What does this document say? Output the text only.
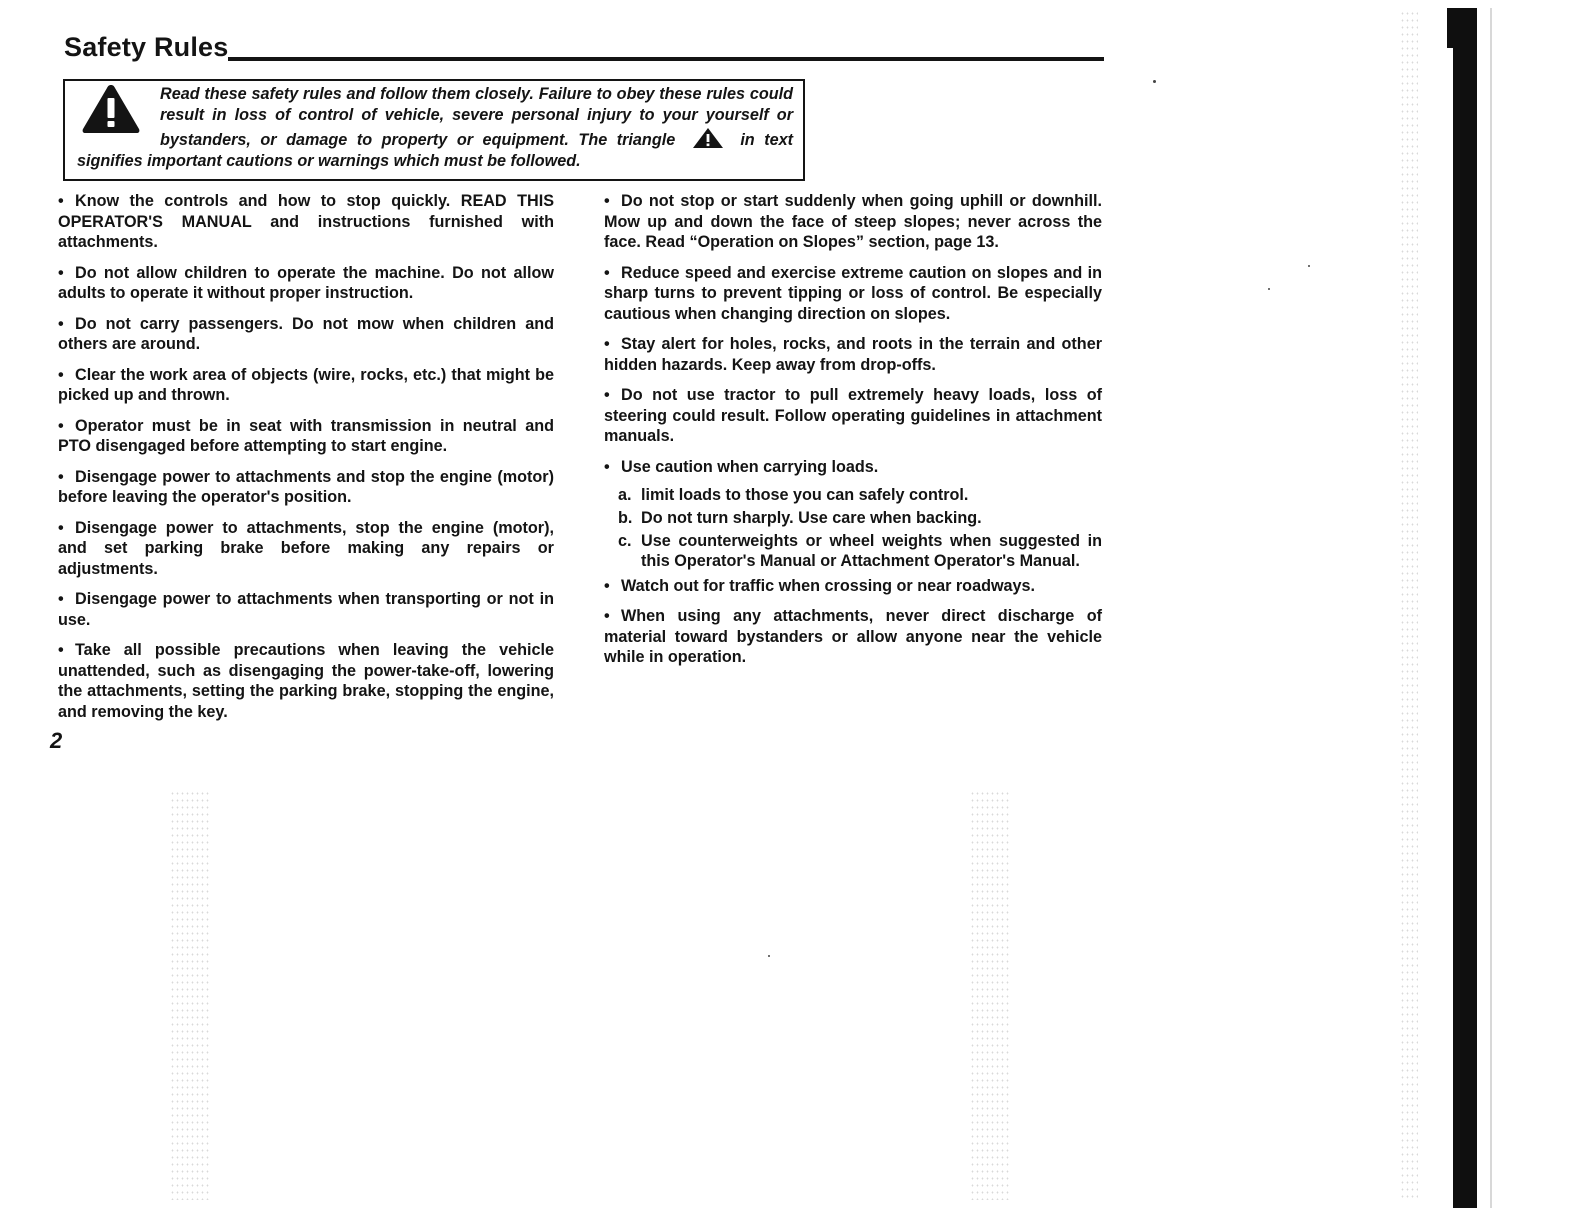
Safety Rules

Read these safety rules and follow them closely. Failure to obey these rules could result in loss of control of vehicle, severe personal injury to your yourself or bystanders, or damage to property or equipment. The triangle	in text signifies important cautions or warnings which must be followed.

• Know the controls and how to stop quickly. READ THIS OPERATOR'S MANUAL and instructions furnished with attachments.

• Do not allow children to operate the machine. Do not allow adults to operate it without proper instruction.

• Do not carry passengers. Do not mow when children and others are around.

• Clear the work area of objects (wire, rocks, etc.) that might be picked up and thrown.

• Operator must be in seat with transmission in neutral and PTO disengaged before attempting to start engine.

• Disengage power to attachments and stop the engine (motor) before leaving the operator's position.

• Disengage power to attachments, stop the engine (motor), and set parking brake before making any repairs or adjustments.

• Disengage power to attachments when transporting or not in use.

• Take all possible precautions when leaving the vehicle unattended, such as disengaging the power-take-off, lowering the attachments, setting the parking brake, stopping the engine, and removing the key.

2

• Do not stop or start suddenly when going uphill or downhill. Mow up and down the face of steep slopes; never across the face. Read “Operation on Slopes” section, page 13.

• Reduce speed and exercise extreme caution on slopes and in sharp turns to prevent tipping or loss of control. Be especially cautious when changing direction on slopes.

• Stay alert for holes, rocks, and roots in the terrain and other hidden hazards. Keep away from drop-offs.

• Do not use tractor to pull extremely heavy loads, loss of steering could result. Follow operating guidelines in attachment manuals.

• Use caution when carrying loads.

a. limit loads to those you can safely control.
b. Do not turn sharply. Use care when backing.
c. Use counterweights or wheel weights when suggested in this Operator's Manual or Attachment Operator's Manual.

• Watch out for traffic when crossing or near roadways.

• When using any attachments, never direct discharge of material toward bystanders or allow anyone near the vehicle while in operation.
